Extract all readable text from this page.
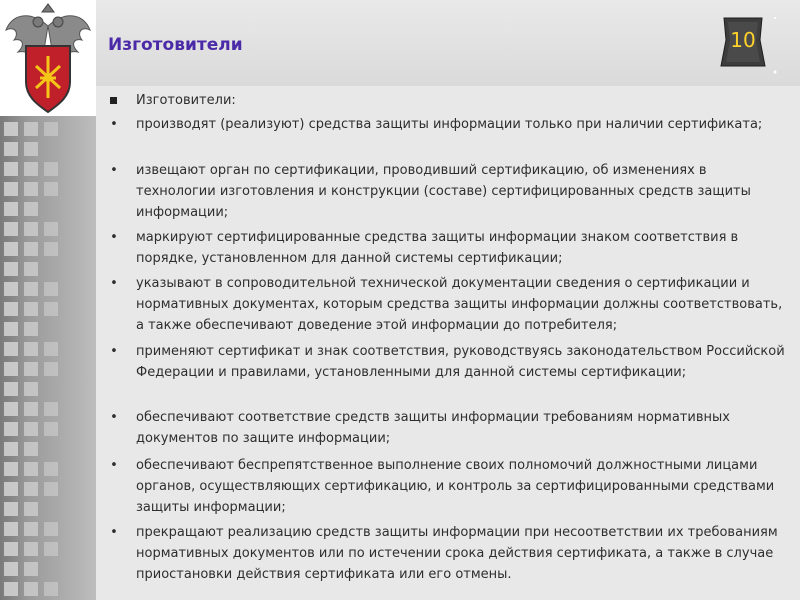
Изготовители	10
Изготовители:
• производят (реализуют) средства защиты информации только при наличии сертификата;
• извещают орган по сертификации, проводивший сертификацию, об изменениях в технологии изготовления и конструкции (составе) сертифицированных средств защиты информации;
• маркируют сертифицированные средства защиты информации знаком соответствия в порядке, установленном для данной системы сертификации;
• указывают в сопроводительной технической документации сведения о сертификации и нормативных документах, которым средства защиты информации должны соответствовать, а также обеспечивают доведение этой информации до потребителя;
• применяют сертификат и знак соответствия, руководствуясь законодательством Российской Федерации и правилами, установленными для данной системы сертификации;
• обеспечивают соответствие средств защиты информации требованиям нормативных документов по защите информации;
• обеспечивают беспрепятственное выполнение своих полномочий должностными лицами органов, осуществляющих сертификацию, и контроль за сертифицированными средствами защиты информации;
• прекращают реализацию средств защиты информации при несоответствии их требованиям нормативных документов или по истечении срока действия сертификата, а также в случае приостановки действия сертификата или его отмены.
